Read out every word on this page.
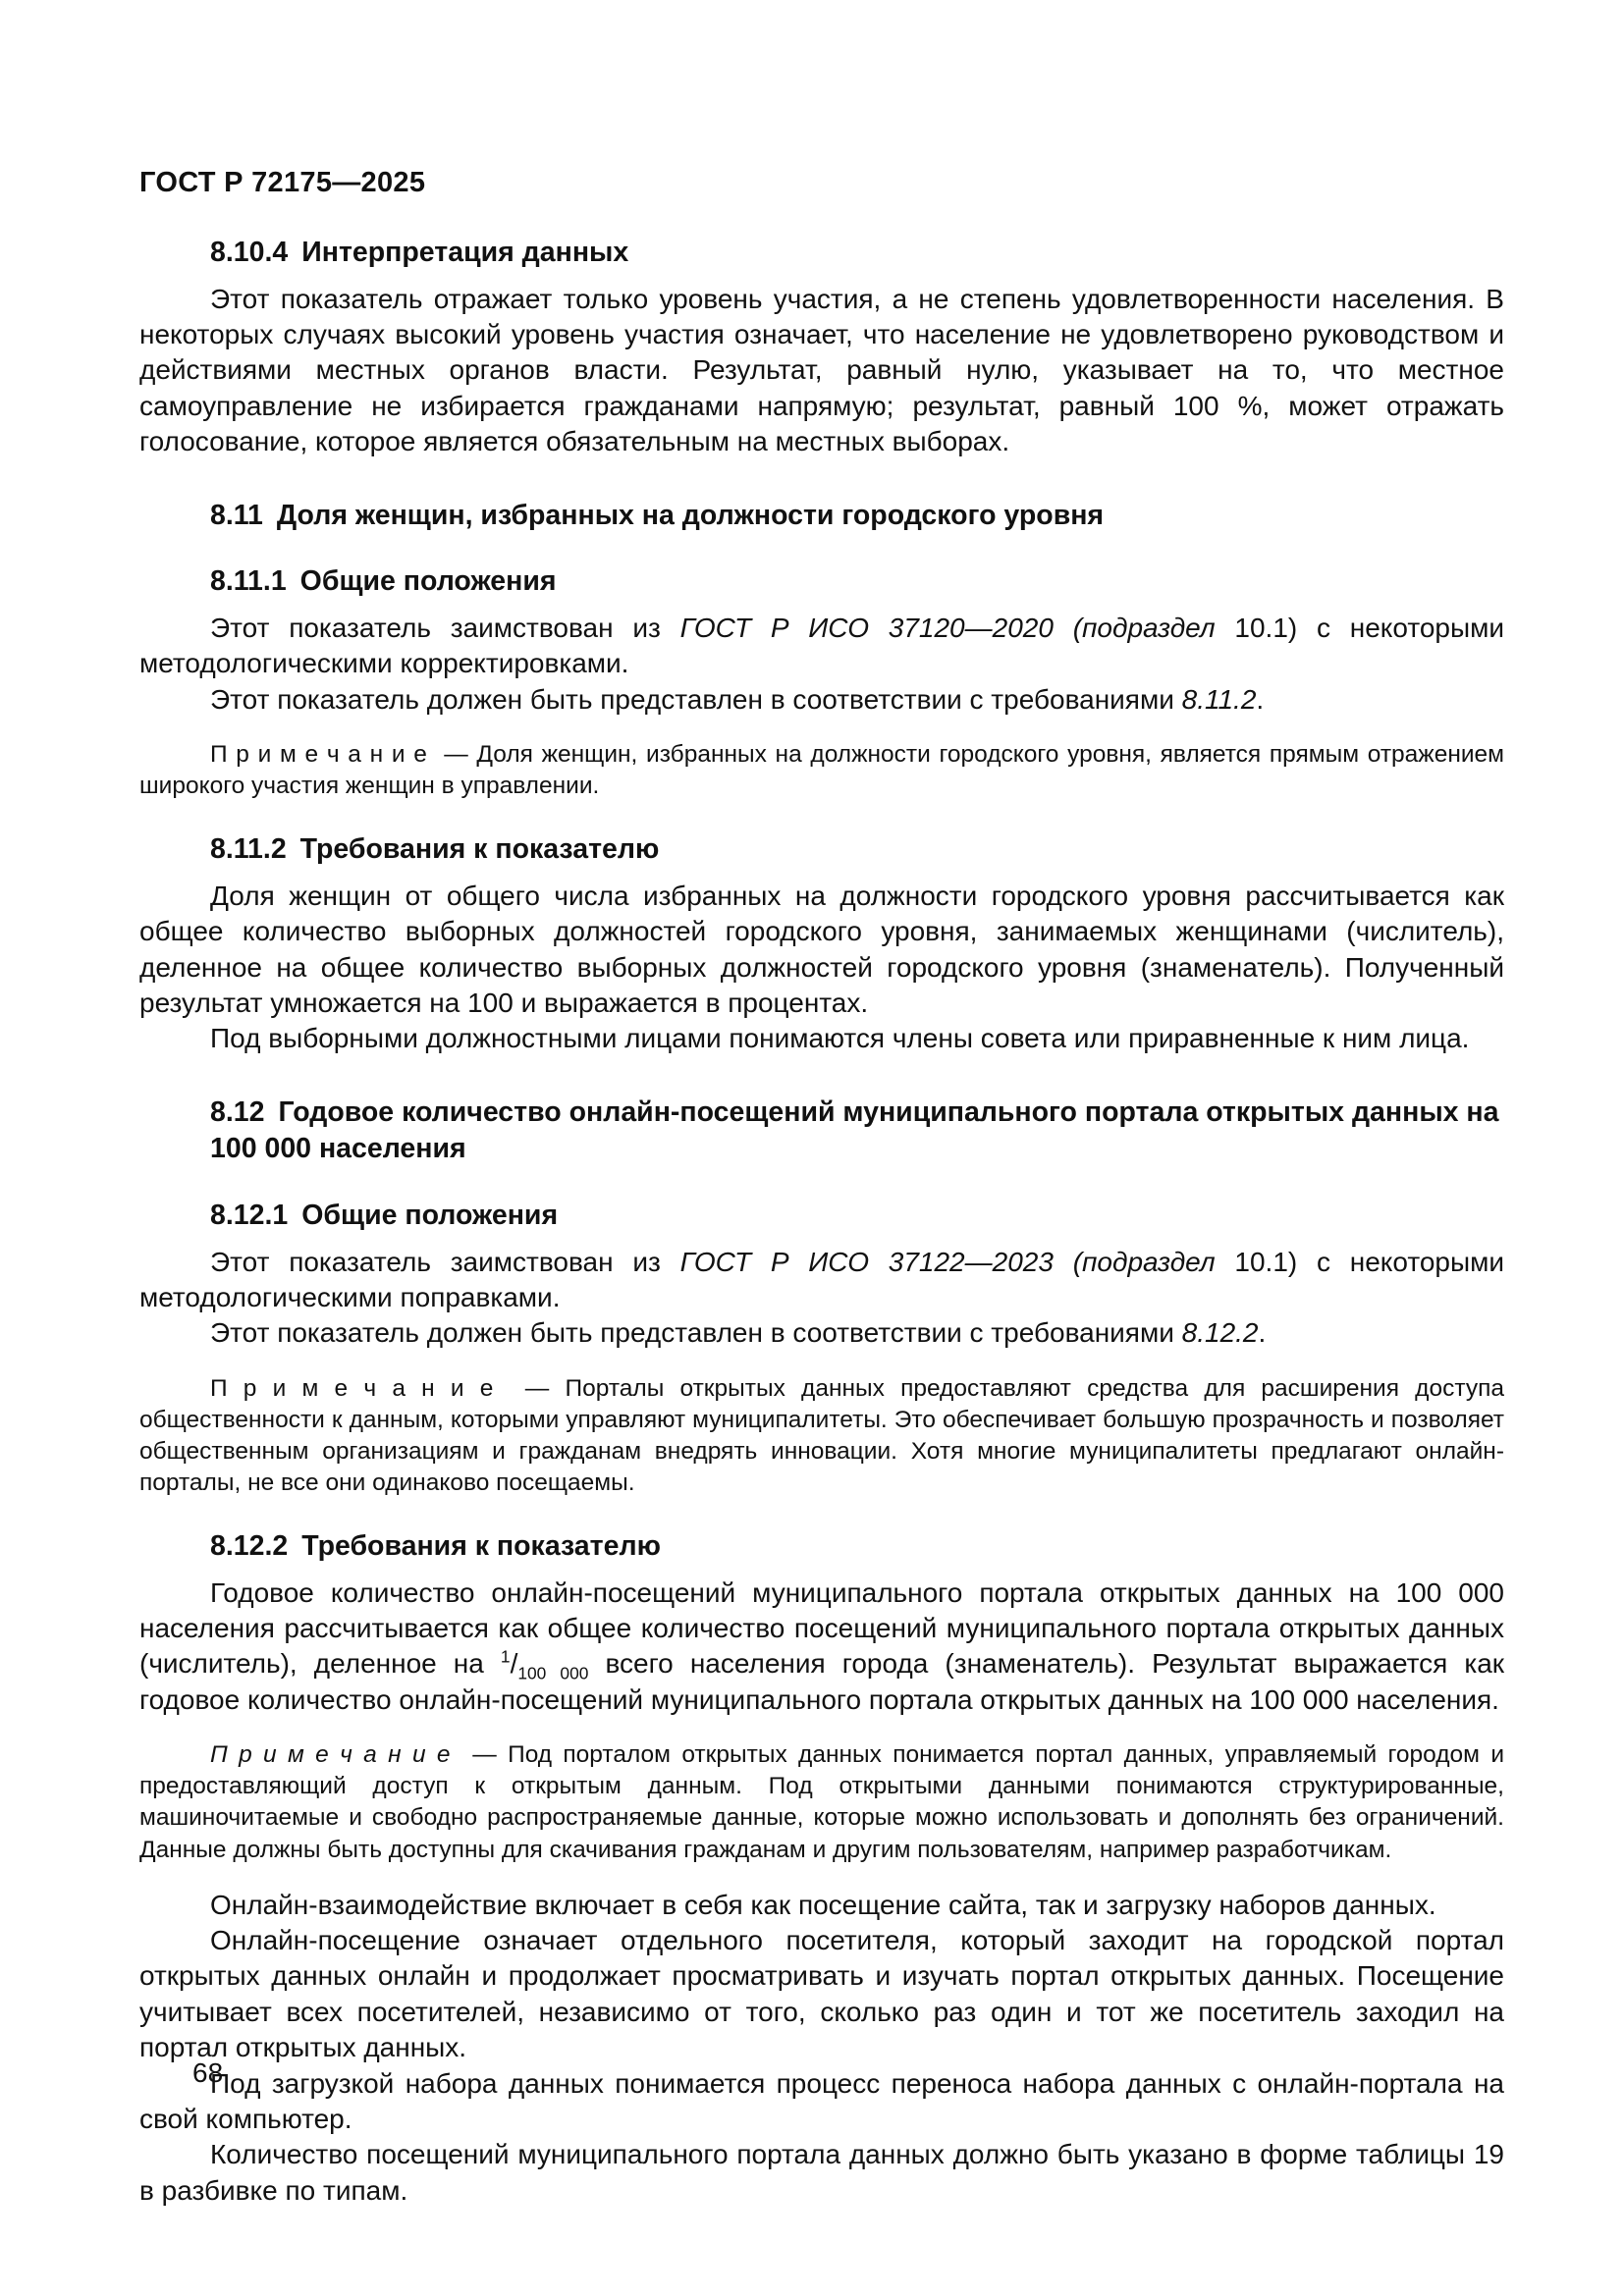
ГОСТ Р 72175—2025
8.10.4 Интерпретация данных

Этот показатель отражает только уровень участия, а не степень удовлетворенности населения. В некоторых случаях высокий уровень участия означает, что население не удовлетворено руководством и действиями местных органов власти. Результат, равный нулю, указывает на то, что местное самоуправление не избирается гражданами напрямую; результат, равный 100 %, может отражать голосование, которое является обязательным на местных выборах.

8.11 Доля женщин, избранных на должности городского уровня
8.11.1 Общие положения

Этот показатель заимствован из ГОСТ Р ИСО 37120—2020 (подраздел 10.1) с некоторыми методологическими корректировками.

Этот показатель должен быть представлен в соответствии с требованиями 8.11.2.

П р и м е ч а н и е  — Доля женщин, избранных на должности городского уровня, является прямым отражением широкого участия женщин в управлении.

8.11.2 Требования к показателю

Доля женщин от общего числа избранных на должности городского уровня рассчитывается как общее количество выборных должностей городского уровня, занимаемых женщинами (числитель), деленное на общее количество выборных должностей городского уровня (знаменатель). Полученный результат умножается на 100 и выражается в процентах.

Под выборными должностными лицами понимаются члены совета или приравненные к ним лица.

8.12 Годовое количество онлайн-посещений муниципального портала открытых данных на 100 000 населения
8.12.1 Общие положения

Этот показатель заимствован из ГОСТ Р ИСО 37122—2023 (подраздел 10.1) с некоторыми методологическими поправками.

Этот показатель должен быть представлен в соответствии с требованиями 8.12.2.

П р и м е ч а н и е  — Порталы открытых данных предоставляют средства для расширения доступа общественности к данным, которыми управляют муниципалитеты. Это обеспечивает большую прозрачность и позволяет общественным организациям и гражданам внедрять инновации. Хотя многие муниципалитеты предлагают онлайн-порталы, не все они одинаково посещаемы.

8.12.2 Требования к показателю

Годовое количество онлайн-посещений муниципального портала открытых данных на 100 000 населения рассчитывается как общее количество посещений муниципального портала открытых данных (числитель), деленное на $^1/_{100 000}$ всего населения города (знаменатель). Результат выражается как годовое количество онлайн-посещений муниципального портала открытых данных на 100 000 населения.

П р и м е ч а н и е  — Под порталом открытых данных понимается портал данных, управляемый городом и предоставляющий доступ к открытым данным. Под открытыми данными понимаются структурированные, машиночитаемые и свободно распространяемые данные, которые можно использовать и дополнять без ограничений. Данные должны быть доступны для скачивания гражданам и другим пользователям, например разработчикам.

Онлайн-взаимодействие включает в себя как посещение сайта, так и загрузку наборов данных.

Онлайн-посещение означает отдельного посетителя, который заходит на городской портал открытых данных онлайн и продолжает просматривать и изучать портал открытых данных. Посещение учитывает всех посетителей, независимо от того, сколько раз один и тот же посетитель заходил на портал открытых данных.

Под загрузкой набора данных понимается процесс переноса набора данных с онлайн-портала на свой компьютер.

Количество посещений муниципального портала данных должно быть указано в форме таблицы 19 в разбивке по типам.

68
